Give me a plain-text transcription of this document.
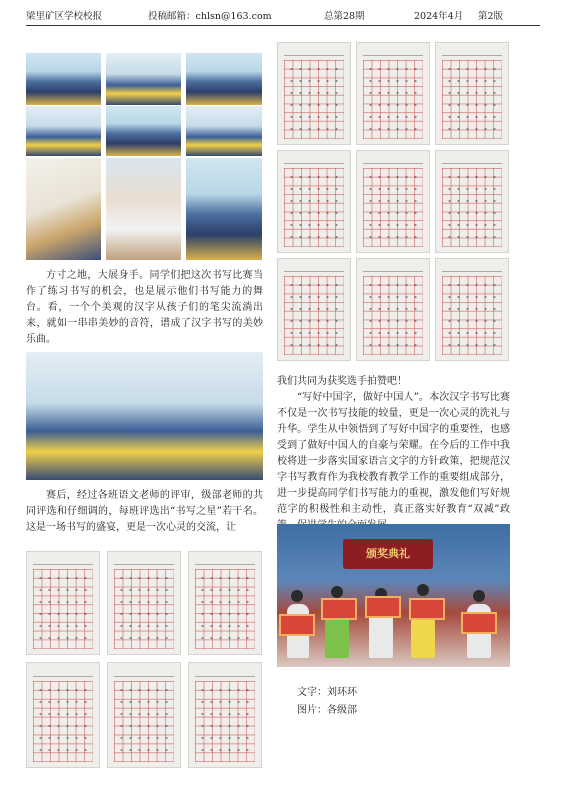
梁里矿区学校校报	投稿邮箱：chlsn@163.com	总第28期	2024年4月 第2版
方寸之地，大展身手。同学们把这次书写比赛当作了练习书写的机会，也是展示他们书写能力的舞台。看，一个个美观的汉字从孩子们的笔尖流淌出来，就如一串串美妙的音符，谱成了汉字书写的美妙乐曲。
赛后，经过各班语文老师的评审，级部老师的共同评选和仔细调的，每班评选出“书写之星”若干名。这是一场书写的盛宴，更是一次心灵的交流，让
我们共同为获奖选手拍赞吧！
“写好中国字，做好中国人”。本次汉字书写比赛不仅是一次书写技能的较量，更是一次心灵的洗礼与升华。学生从中领悟到了写好中国字的重要性，也感受到了做好中国人的自豪与荣耀。在今后的工作中我校将进一步落实国家语言文字的方针政策，把规范汉字书写教育作为我校教育教学工作的重要组成部分，进一步提高同学们书写能力的重视，激发他们写好规范字的积极性和主动性，真正落实好教育“双减”政
颁奖典礼
文字：刘环环
图片：各级部
